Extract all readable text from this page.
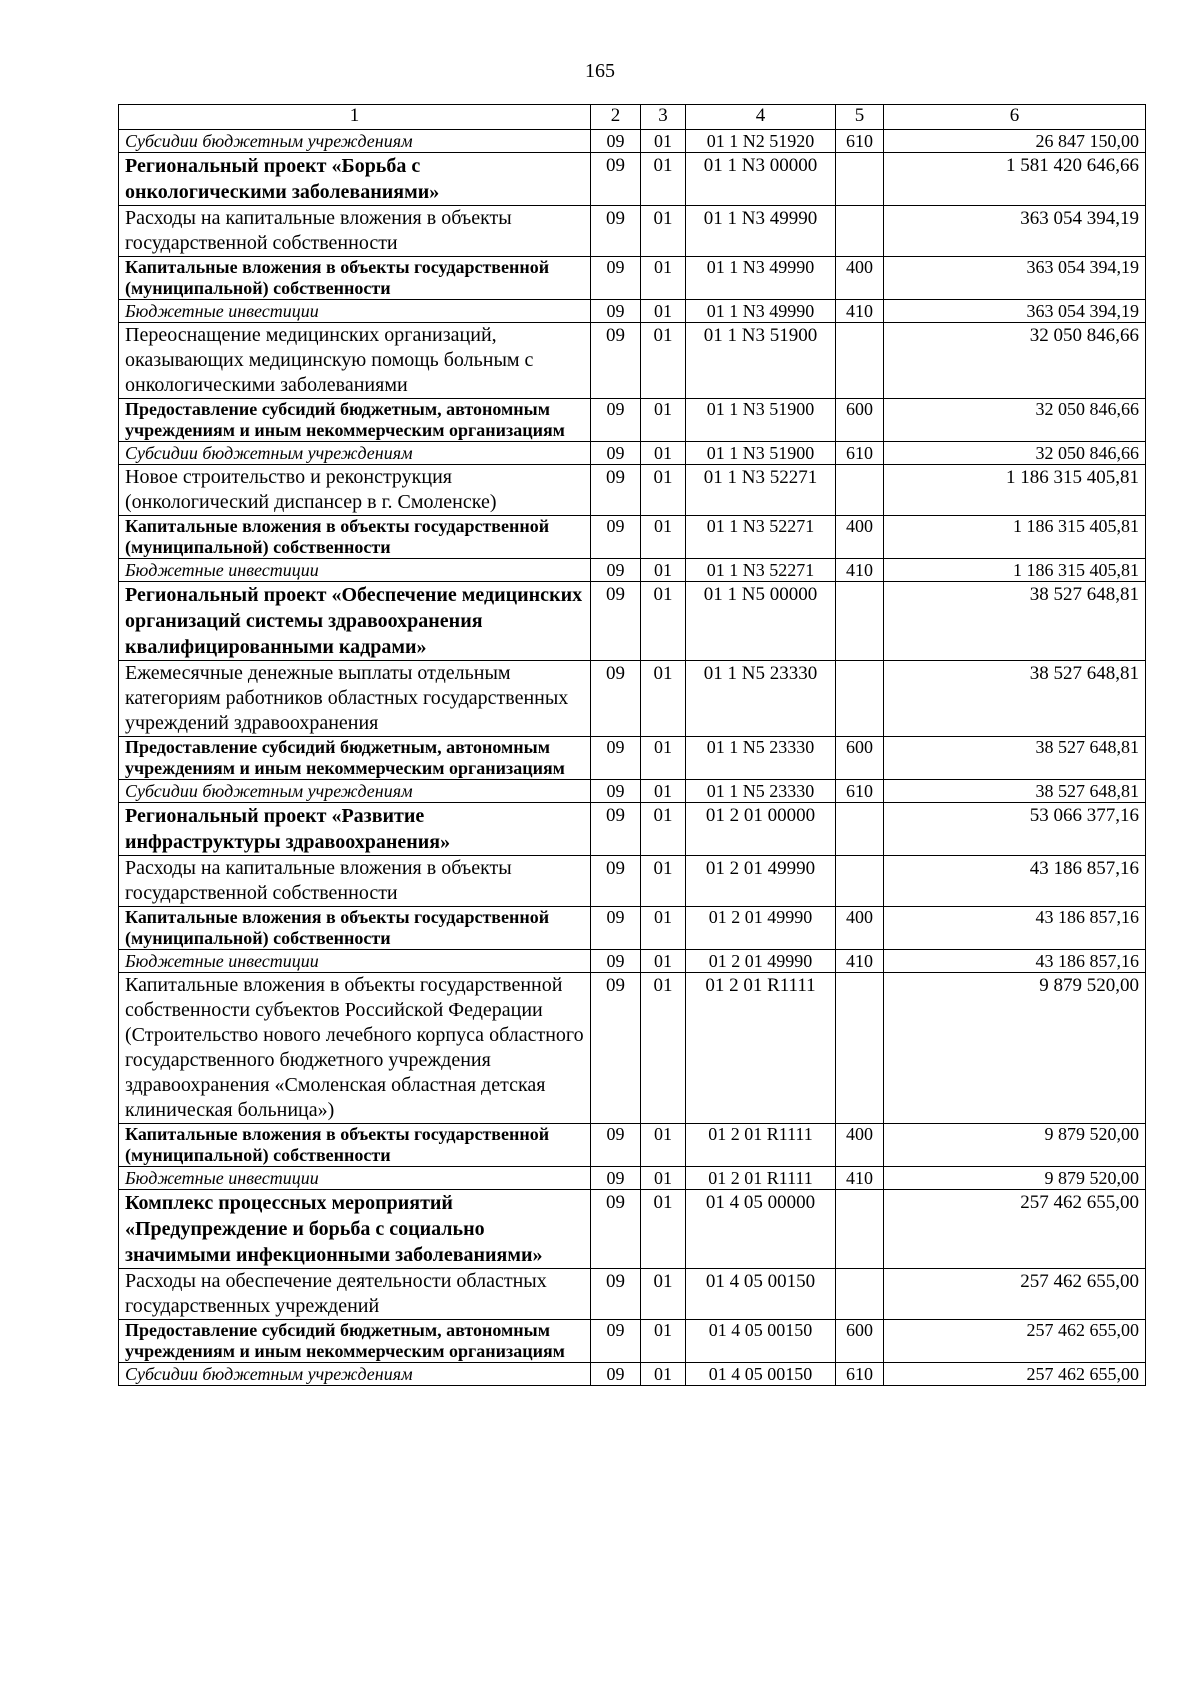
165
1	2	3	4	5	6
Субсидии бюджетным учреждениям	09	01	01 1 N2 51920	610	26 847 150,00
Региональный проект «Борьба с онкологическими заболеваниями»	09	01	01 1 N3 00000		1 581 420 646,66
Расходы на капитальные вложения в объекты государственной собственности	09	01	01 1 N3 49990		363 054 394,19
Капитальные вложения в объекты государственной (муниципальной) собственности	09	01	01 1 N3 49990	400	363 054 394,19
Бюджетные инвестиции	09	01	01 1 N3 49990	410	363 054 394,19
Переоснащение медицинских организаций, оказывающих медицинскую помощь больным с онкологическими заболеваниями	09	01	01 1 N3 51900		32 050 846,66
Предоставление субсидий бюджетным, автономным учреждениям и иным некоммерческим организациям	09	01	01 1 N3 51900	600	32 050 846,66
Субсидии бюджетным учреждениям	09	01	01 1 N3 51900	610	32 050 846,66
Новое строительство и реконструкция (онкологический диспансер в г. Смоленске)	09	01	01 1 N3 52271		1 186 315 405,81
Капитальные вложения в объекты государственной (муниципальной) собственности	09	01	01 1 N3 52271	400	1 186 315 405,81
Бюджетные инвестиции	09	01	01 1 N3 52271	410	1 186 315 405,81
Региональный проект «Обеспечение медицинских организаций системы здравоохранения квалифицированными кадрами»	09	01	01 1 N5 00000		38 527 648,81
Ежемесячные денежные выплаты отдельным категориям работников областных государственных учреждений здравоохранения	09	01	01 1 N5 23330		38 527 648,81
Предоставление субсидий бюджетным, автономным учреждениям и иным некоммерческим организациям	09	01	01 1 N5 23330	600	38 527 648,81
Субсидии бюджетным учреждениям	09	01	01 1 N5 23330	610	38 527 648,81
Региональный проект «Развитие инфраструктуры здравоохранения»	09	01	01 2 01 00000		53 066 377,16
Расходы на капитальные вложения в объекты государственной собственности	09	01	01 2 01 49990		43 186 857,16
Капитальные вложения в объекты государственной (муниципальной) собственности	09	01	01 2 01 49990	400	43 186 857,16
Бюджетные инвестиции	09	01	01 2 01 49990	410	43 186 857,16
Капитальные вложения в объекты государственной собственности субъектов Российской Федерации (Строительство нового лечебного корпуса областного государственного бюджетного учреждения здравоохранения «Смоленская областная детская клиническая больница»)	09	01	01 2 01 R1111		9 879 520,00
Капитальные вложения в объекты государственной (муниципальной) собственности	09	01	01 2 01 R1111	400	9 879 520,00
Бюджетные инвестиции	09	01	01 2 01 R1111	410	9 879 520,00
Комплекс процессных мероприятий «Предупреждение и борьба с социально значимыми инфекционными заболеваниями»	09	01	01 4 05 00000		257 462 655,00
Расходы на обеспечение деятельности областных государственных учреждений	09	01	01 4 05 00150		257 462 655,00
Предоставление субсидий бюджетным, автономным учреждениям и иным некоммерческим организациям	09	01	01 4 05 00150	600	257 462 655,00
Субсидии бюджетным учреждениям	09	01	01 4 05 00150	610	257 462 655,00
